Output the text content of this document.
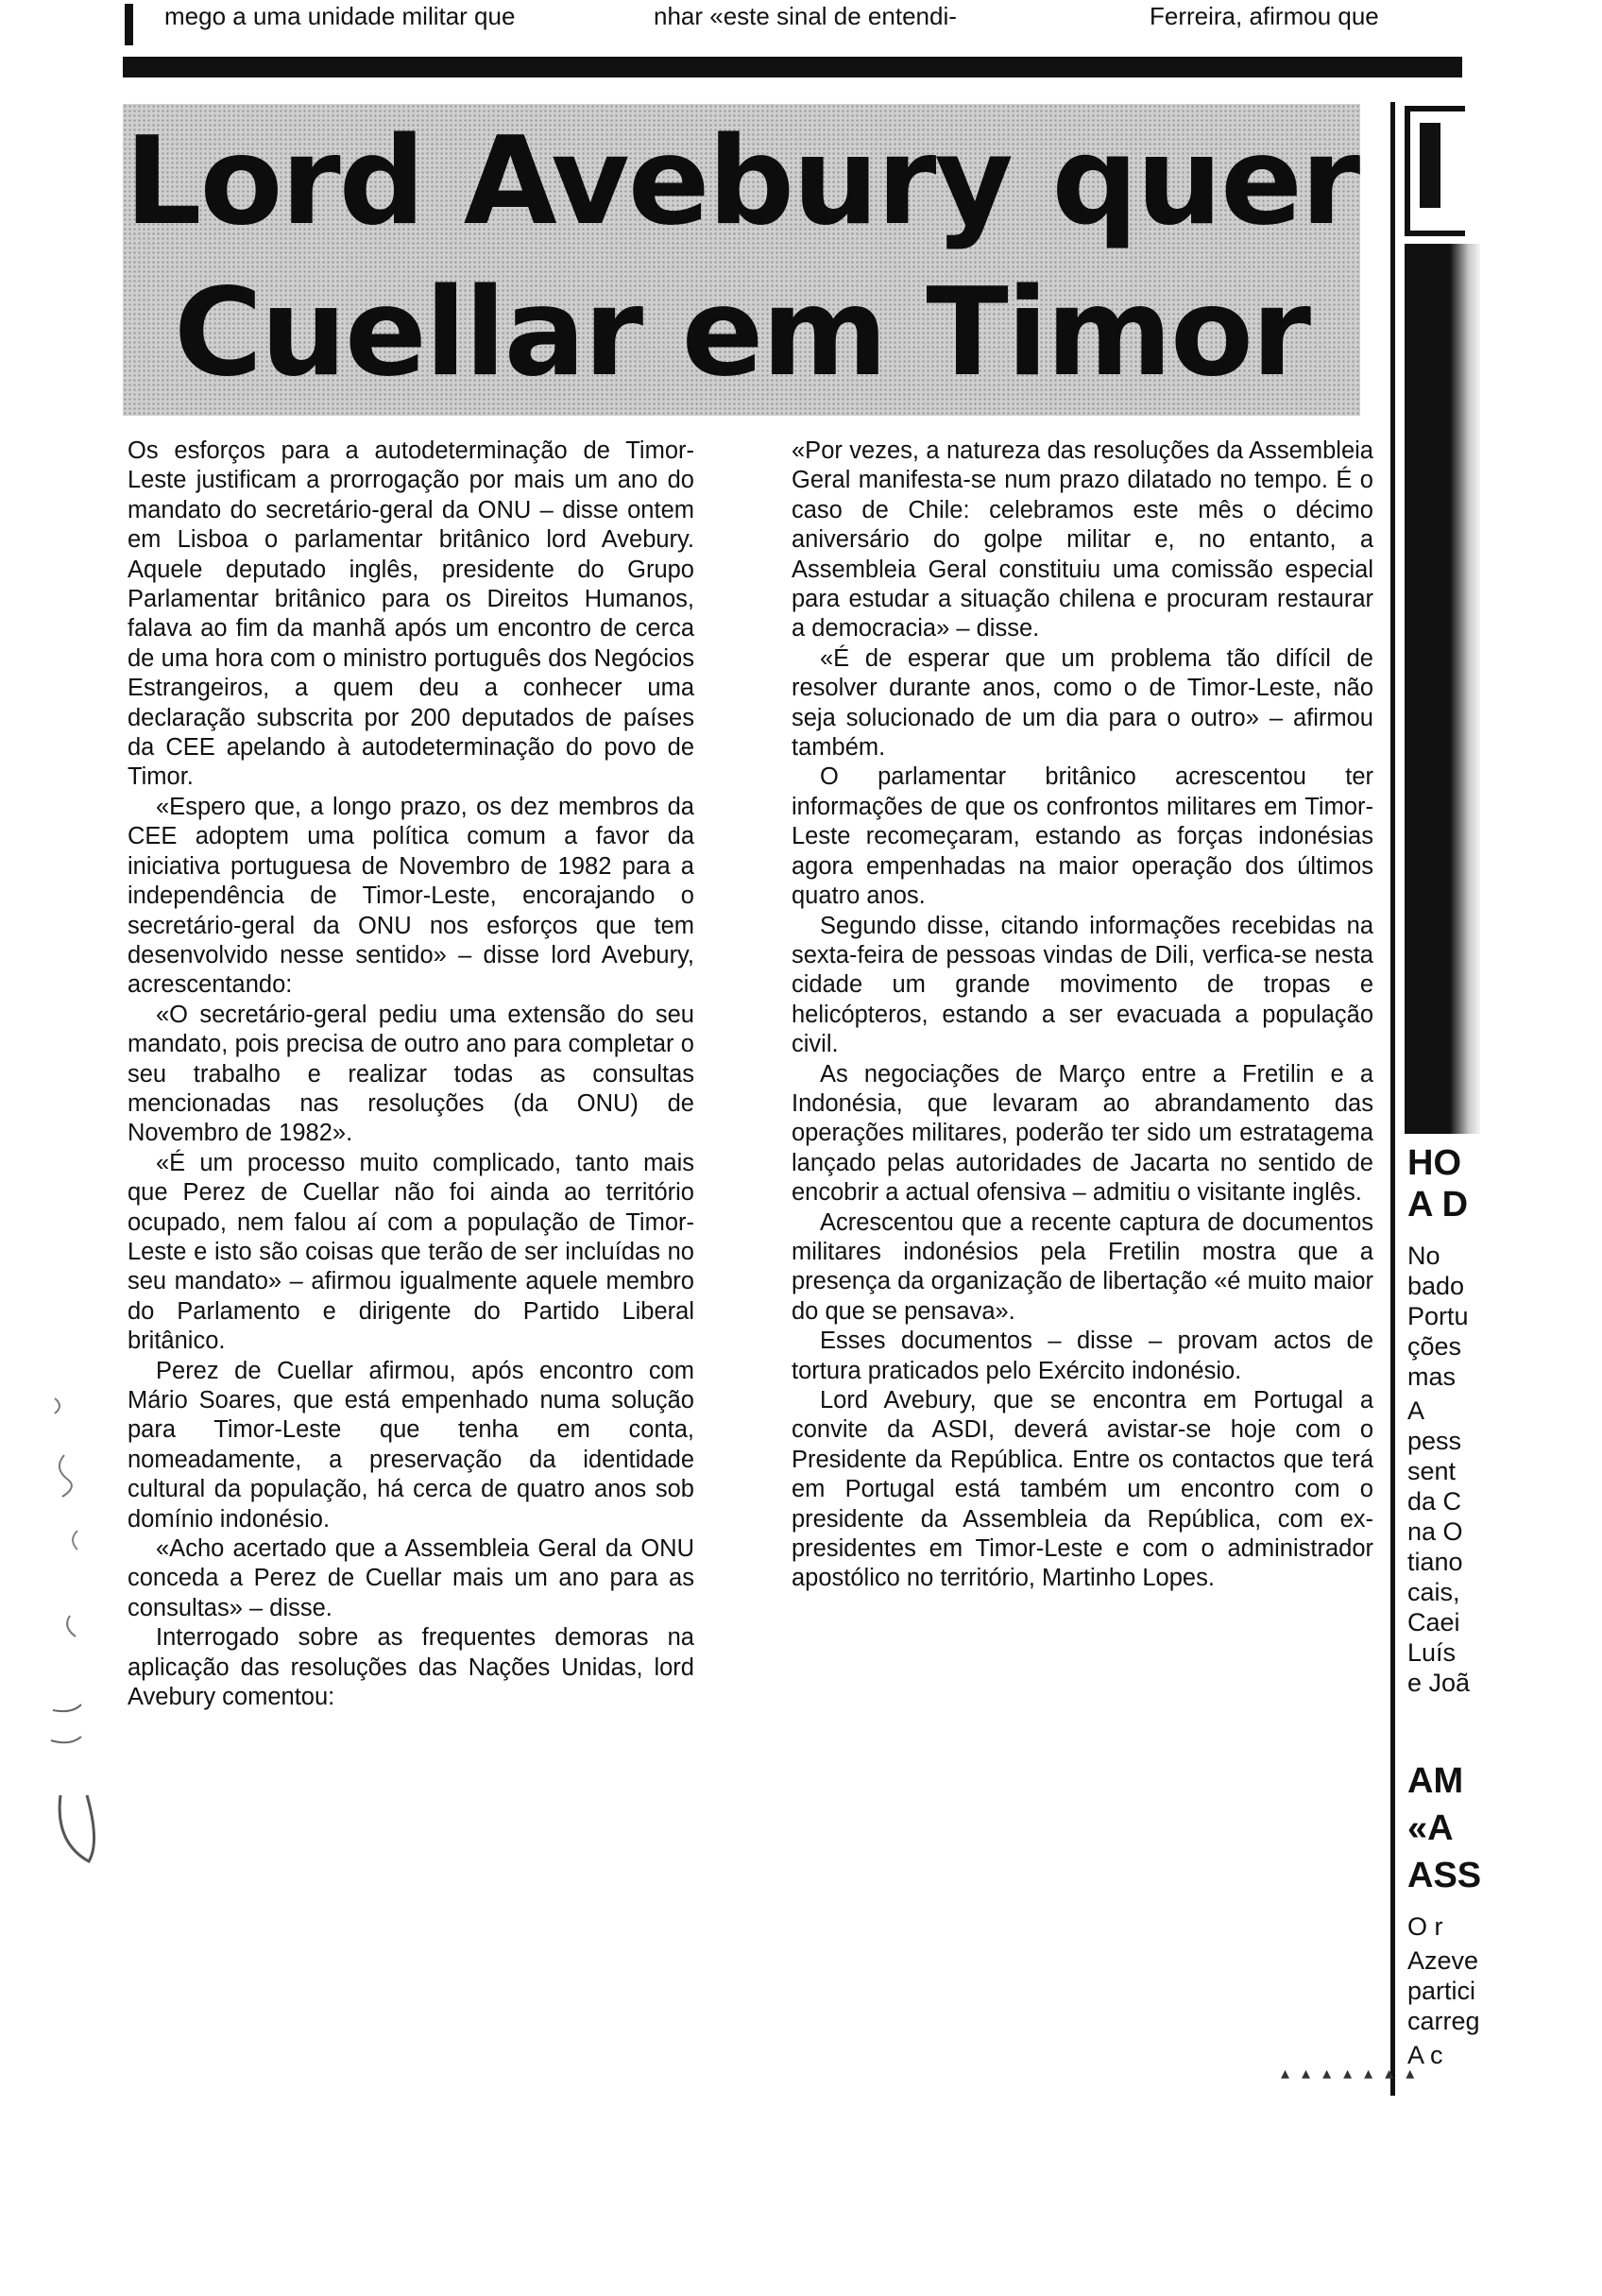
mego a uma unidade militar que	nhar «este sinal de entendi-	Ferreira, afirmou que
Lord Avebury quer
Cuellar em Timor

Os esforços para a autodeterminação de Timor-Leste justificam a prorrogação por mais um ano do mandato do secretário-geral da ONU – disse ontem em Lisboa o parlamentar britânico lord Avebury. Aquele deputado inglês, presidente do Grupo Parlamentar britânico para os Direitos Humanos, falava ao fim da manhã após um encontro de cerca de uma hora com o ministro português dos Negócios Estrangeiros, a quem deu a conhecer uma declaração subscrita por 200 deputados de países da CEE apelando à autodeterminação do povo de Timor.

«Espero que, a longo prazo, os dez membros da CEE adoptem uma política comum a favor da iniciativa portuguesa de Novembro de 1982 para a independência de Timor-Leste, encorajando o secretário-geral da ONU nos esforços que tem desenvolvido nesse sentido» – disse lord Avebury, acrescentando:

«O secretário-geral pediu uma extensão do seu mandato, pois precisa de outro ano para completar o seu trabalho e realizar todas as consultas mencionadas nas resoluções (da ONU) de Novembro de 1982».

«É um processo muito complicado, tanto mais que Perez de Cuellar não foi ainda ao território ocupado, nem falou aí com a população de Timor-Leste e isto são coisas que terão de ser incluídas no seu mandato» – afirmou igualmente aquele membro do Parlamento e dirigente do Partido Liberal britânico.

Perez de Cuellar afirmou, após encontro com Mário Soares, que está empenhado numa solução para Timor-Leste que tenha em conta, nomeadamente, a preservação da identidade cultural da população, há cerca de quatro anos sob domínio indonésio.

«Acho acertado que a Assembleia Geral da ONU conceda a Perez de Cuellar mais um ano para as consultas» – disse.

Interrogado sobre as frequentes demoras na aplicação das resoluções das Nações Unidas, lord Avebury comentou:

«Por vezes, a natureza das resoluções da Assembleia Geral manifesta-se num prazo dilatado no tempo. É o caso de Chile: celebramos este mês o décimo aniversário do golpe militar e, no entanto, a Assembleia Geral constituiu uma comissão especial para estudar a situação chilena e procuram restaurar a democracia» – disse.

«É de esperar que um problema tão difícil de resolver durante anos, como o de Timor-Leste, não seja solucionado de um dia para o outro» – afirmou também.

O parlamentar britânico acrescentou ter informações de que os confrontos militares em Timor-Leste recomeçaram, estando as forças indonésias agora empenhadas na maior operação dos últimos quatro anos.

Segundo disse, citando informações recebidas na sexta-feira de pessoas vindas de Dili, verfica-se nesta cidade um grande movimento de tropas e helicópteros, estando a ser evacuada a população civil.

As negociações de Março entre a Fretilin e a Indonésia, que levaram ao abrandamento das operações militares, poderão ter sido um estratagema lançado pelas autoridades de Jacarta no sentido de encobrir a actual ofensiva – admitiu o visitante inglês.

Acrescentou que a recente captura de documentos militares indonésios pela Fretilin mostra que a presença da organização de libertação «é muito maior do que se pensava».

Esses documentos – disse – provam actos de tortura praticados pelo Exército indonésio.

Lord Avebury, que se encontra em Portugal a convite da ASDI, deverá avistar-se hoje com o Presidente da República. Entre os contactos que terá em Portugal está também um encontro com o presidente da Assembleia da República, com ex-presidentes em Timor-Leste e com o administrador apostólico no território, Martinho Lopes.

HO
A D
No
bado
Portu
ções
mas
A
pess
sent
da C
na O
tiano
cais,
Caei
Luís
e Joã
AM
«A
ASS
O r
Azeve
partici
carreg
A c
▴ ▴ ▴ ▴ ▴ ▴ ▴
